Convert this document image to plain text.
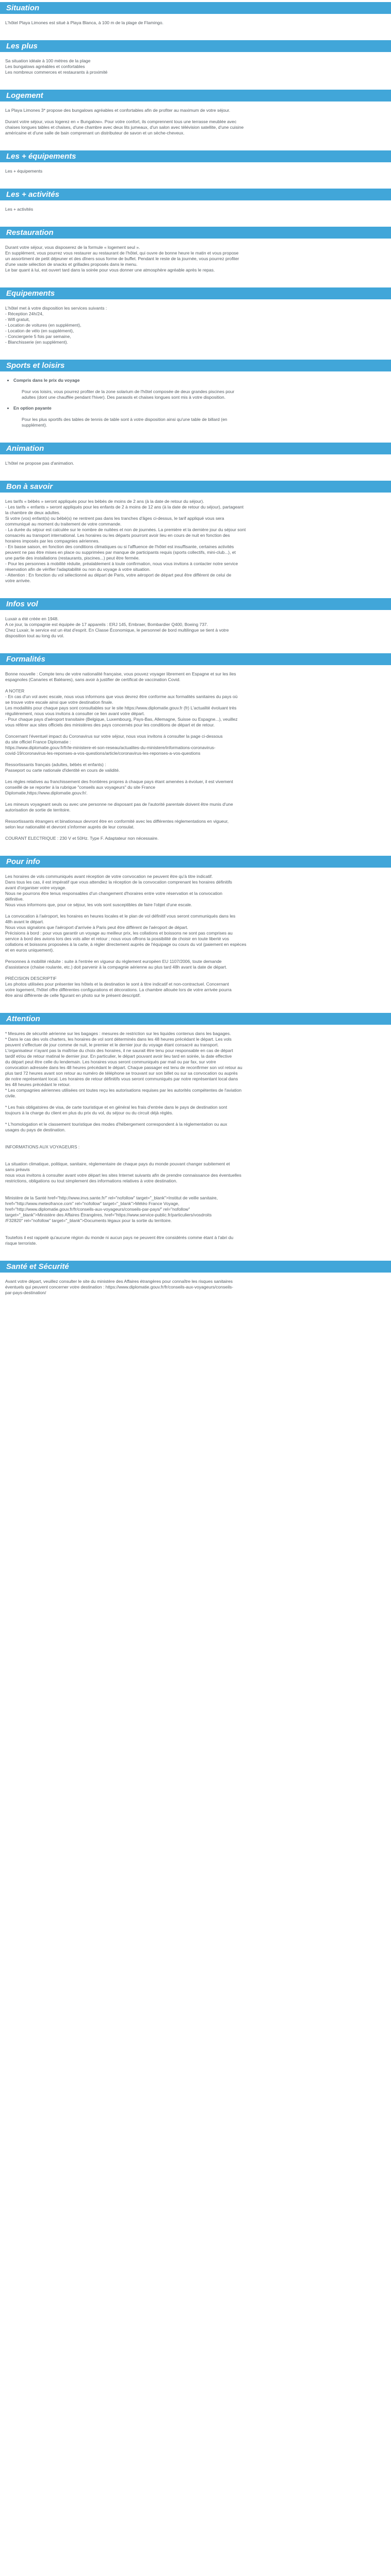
Situation

L'hôtel Playa Limones est situé à Playa Blanca, à 100 m de la plage de Flamingo.

Les plus

Sa situation idéale à 100 mètres de la plage

Les bungalows agréables et confortables

Les nombreux commerces et restaurants à proximité

Logement

La Playa Limones 3* propose des bungalows agréables et confortables afin de profiter au maximum de votre séjour.

Durant votre séjour, vous logerez en « Bungalow». Pour votre confort, ils comprennent tous une terrasse meublée avec

chaises longues tables et chaises, d'une chambre avec deux lits jumeaux, d'un salon avec télévision satellite, d'une cuisine

américaine et d'une salle de bain comprenant un distributeur de savon et un sèche-cheveux.

Les + équipements

Les + équipements

Les + activités

Les + activités

Restauration

Durant votre séjour, vous disposerez de la formule « logement seul ».

En supplément, vous pourrez vous restaurer au restaurant de l'hôtel, qui ouvre de bonne heure le matin et vous propose

un assortiment de petit déjeuner et des dîners sous forme de buffet. Pendant le reste de la journée, vous pourrez profiter

d'une vaste sélection de snacks et grillades proposés dans le menu.

Le bar quant à lui, est ouvert tard dans la soirée pour vous donner une atmosphère agréable après le repas.

Equipements

L'hôtel met à votre disposition les services suivants :

- Réception 24h/24,

- Wifi gratuit,

- Location de voitures (en supplément),

- Location de vélo (en supplément),

- Conciergerie 5 fois par semaine,

- Blanchisserie (en supplément).

Sports et loisirs

• Compris dans le prix du voyage

Pour vos loisirs, vous pourrez profiter de la zone solarium de l'hôtel composée de deux grandes piscines pour

adultes (dont une chauffée pendant l'hiver). Des parasols et chaises longues sont mis à votre disposition.

• En option payante

Pour les plus sportifs des tables de tennis de table sont à votre disposition ainsi qu'une table de billard (en

supplément).

Animation

L'hôtel ne propose pas d'animation.

Bon à savoir

Les tarifs « bébés » seront appliqués pour les bébés de moins de 2 ans (à la date de retour du séjour).

- Les tarifs « enfants » seront appliqués pour les enfants de 2 à moins de 12 ans (à la date de retour du séjour), partageant

la chambre de deux adultes.

Si votre (vos) enfant(s) ou bébé(s) ne rentrent pas dans les tranches d'âges ci-dessus, le tarif appliqué vous sera

communiqué au moment du traitement de votre commande.

- La durée du séjour est calculée sur le nombre de nuitées et non de journées. La première et la dernière jour du séjour sont

consacrés au transport international. Les horaires ou les départs pourront avoir lieu en cours de nuit en fonction des

horaires imposés par les compagnies aériennes.

- En basse saison, en fonction des conditions climatiques ou si l'affluence de l'hôtel est insuffisante, certaines activités

peuvent ne pas être mises en place ou supprimées par manque de participants requis (sports collectifs, mini-club...), et

une partie des installations (restaurants, piscines...) peut être fermée.

- Pour les personnes à mobilité réduite, préalablement à toute confirmation, nous vous invitons à contacter notre service

réservation afin de vérifier l'adaptabilité ou non du voyage à votre situation.

- Attention : En fonction du vol sélectionné au départ de Paris, votre aéroport de départ peut être différent de celui de

votre arrivée.

Infos vol

Luxair a été créée en 1948.

A ce jour, la compagnie est équipée de 17 appareils : ERJ 145, Embraer, Bombardier Q400, Boeing 737.

Chez Luxair, le service est un état d'esprit. En Classe Économique, le personnel de bord multilingue se tient à votre

disposition tout au long du vol.

Formalités

Bonne nouvelle : Compte tenu de votre nationalité française, vous pouvez voyager librement en Espagne et sur les iles

espagnoles (Canaries et Baléares), sans avoir à justifier de certificat de vaccination Covid.

A NOTER

- En cas d'un vol avec escale, nous vous informons que vous devrez être conforme aux formalités sanitaires du pays où

se trouve votre escale ainsi que votre destination finale.

Les modalités pour chaque pays sont consultables sur le site https://www.diplomatie.gouv.fr (fr) L'actualité évoluant très

régulièrement, nous vous invitons à consulter ce lien avant votre départ.

- Pour chaque pays d'aéroport transitaire (Belgique, Luxembourg, Pays-Bas, Allemagne, Suisse ou Espagne...), veuillez

vous référer aux sites officiels des ministères des pays concernés pour les conditions de départ et de retour.

Concernant l'éventuel impact du Coronavirus sur votre séjour, nous vous invitons à consulter la page ci-dessous

du site officiel France Diplomatie :

https://www.diplomatie.gouv.fr/fr/le-ministere-et-son-reseau/actualites-du-ministere/informations-coronavirus-

covid-19/coronavirus-les-reponses-a-vos-questions/article/coronavirus-les-reponses-a-vos-questions

Ressortissants français (adultes, bébés et enfants) :

Passeport ou carte nationale d'identité en cours de validité.

Les règles relatives au franchissement des frontières propres à chaque pays étant amenées à évoluer, il est vivement

conseillé de se reporter à la rubrique "conseils aux voyageurs" du site France

Diplomatie,https://www.diplomatie.gouv.fr/.

Les mineurs voyageant seuls ou avec une personne ne disposant pas de l'autorité parentale doivent être munis d'une

autorisation de sortie de territoire.

Ressortissants étrangers et binationaux devront être en conformité avec les différentes réglementations en vigueur,

selon leur nationalité et devront s'informer auprès de leur consulat.

COURANT ELECTRIQUE : 230 V et 50Hz. Type F. Adaptateur non nécessaire.

Pour info

Les horaires de vols communiqués avant réception de votre convocation ne peuvent être qu'à titre indicatif.

Dans tous les cas, il est impératif que vous attendiez la réception de la convocation comprenant les horaires définitifs

avant d'organiser votre voyage.

Nous ne pourrons être tenus responsables d'un changement d'horaires entre votre réservation et la convocation

définitive.

Nous vous informons que, pour ce séjour, les vols sont susceptibles de faire l'objet d'une escale.

La convocation à l'aéroport, les horaires en heures locales et le plan de vol définitif vous seront communiqués dans les

48h avant le départ.

Nous vous signalons que l'aéroport d'arrivée à Paris peut être différent de l'aéroport de départ.

Précisions à bord : pour vous garantir un voyage au meilleur prix, les collations et boissons ne sont pas comprises au

service à bord des avions lors des vols aller et retour ; nous vous offrons la possibilité de choisir en toute liberté vos

collations et boissons proposées à la carte, à régler directement auprès de l'équipage ou cours du vol (paiement en espèces

et en euros uniquement).

Personnes à mobilité réduite : suite à l'entrée en vigueur du règlement européen EU 1107/2006, toute demande

d'assistance (chaise roulante, etc.) doit parvenir à la compagnie aérienne au plus tard 48h avant la date de départ.

PRÉCISION DESCRIPTIF

Les photos utilisées pour présenter les hôtels et la destination le sont à titre indicatif et non-contractuel. Concernant

votre logement, l'hôtel offre différentes configurations et décorations. La chambre allouée lors de votre arrivée pourra

être ainsi différente de celle figurant en photo sur le présent descriptif.

Attention

* Mesures de sécurité aérienne sur les bagages : mesures de restriction sur les liquides contenus dans les bagages.

* Dans le cas des vols charters, les horaires de vol sont déterminés dans les 48 heures précédant le départ. Les vols

peuvent s'effectuer de jour comme de nuit, le premier et le dernier jour du voyage étant consacré au transport.

L'organisateur n'ayant pas la maîtrise du choix des horaires, il ne saurait être tenu pour responsable en cas de départ

tardif et/ou de retour matinal le dernier jour. En particulier, le départ pouvant avoir lieu tard en soirée, la date effective

du départ peut être celle du lendemain. Les horaires vous seront communiqués par mail ou par fax, sur votre

convocation adressée dans les 48 heures précédant le départ. Chaque passager est tenu de reconfirmer son vol retour au

plus tard 72 heures avant son retour au numéro de téléphone se trouvant sur son billet ou sur sa convocation ou auprès

de notre représentant local. Les horaires de retour définitifs vous seront communiqués par notre représentant local dans

les 48 heures précédant le retour.

* Les compagnies aériennes utilisées ont toutes reçu les autorisations requises par les autorités compétentes de l'aviation

civile.

* Les frais obligatoires de visa, de carte touristique et en général les frais d'entrée dans le pays de destination sont

toujours à la charge du client en plus du prix du vol, du séjour ou du circuit déjà réglés.

* L'homologation et le classement touristique des modes d'hébergement correspondent à la réglementation ou aux

usages du pays de destination.

INFORMATIONS AUX VOYAGEURS :

La situation climatique, politique, sanitaire, réglementaire de chaque pays du monde pouvant changer subitement et

sans préavis

nous vous invitons à consulter avant votre départ les sites Internet suivants afin de prendre connaissance des éventuelles

restrictions, obligations ou tout simplement des informations relatives à votre destination.

Ministère de la Santé href="http://www.invs.sante.fr/" rel="nofollow" target="_blank">Institut de veille sanitaire,

href="http://www.meteofrance.com" rel="nofollow" target="_blank">Météo France Voyage,

href="http://www.diplomatie.gouv.fr/fr/conseils-aux-voyageurs/conseils-par-pays/" rel="nofollow"

target="_blank">Ministère des Affaires Étrangères, href="https://www.service-public.fr/particuliers/vosdroits

/F32820" rel="nofollow" target="_blank">Documents légaux pour la sortie du territoire.

Toutefois il est rappelé qu'aucune région du monde ni aucun pays ne peuvent être considérés comme étant à l'abri du

risque terroriste.

Santé et Sécurité

Avant votre départ, veuillez consulter le site du ministère des Affaires étrangères pour connaître les risques sanitaires

éventuels qui peuvent concerner votre destination : https://www.diplomatie.gouv.fr/fr/conseils-aux-voyageurs/conseils-

par-pays-destination/
